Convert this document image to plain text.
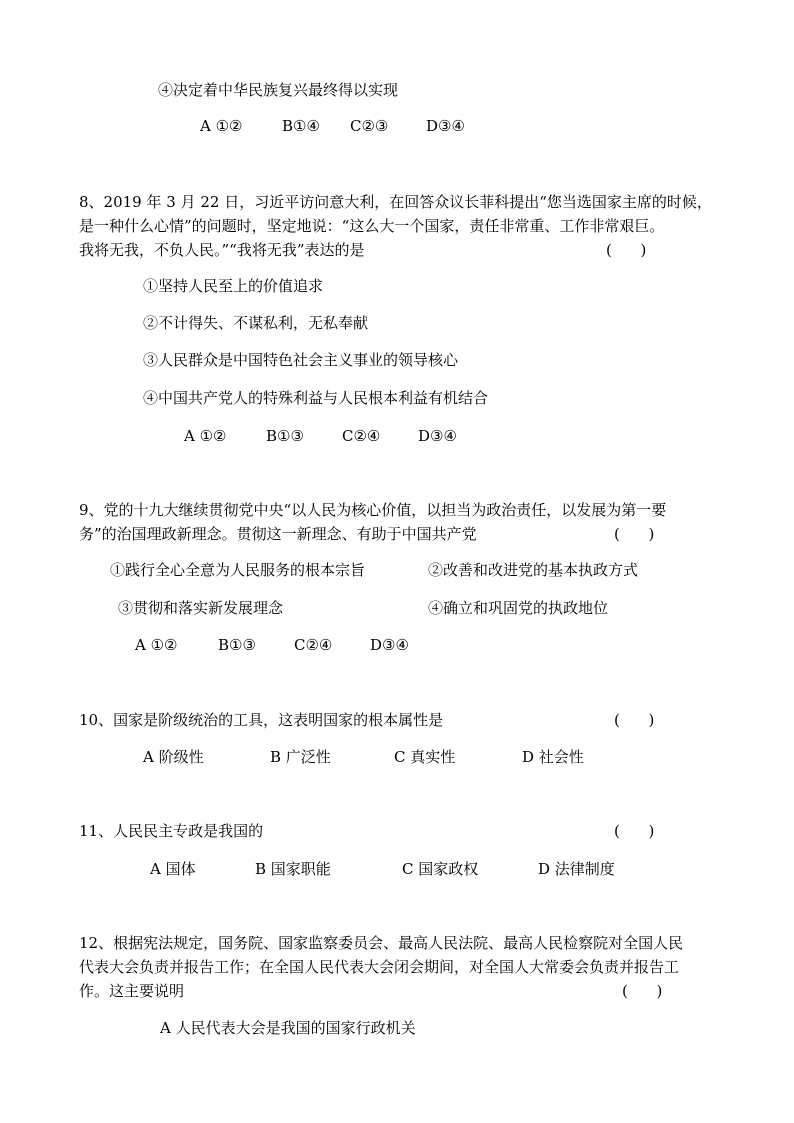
④决定着中华民族复兴最终得以实现
A ①②	B①④ C②③	D③④
8、2019 年 3 月 22 日，习近平访问意大利，在回答众议长菲科提出“您当选国家主席的时候，
是一种什么心情”的问题时，坚定地说：“这么大一个国家，责任非常重、工作非常艰巨。
我将无我，不负人民。”“我将无我”表达的是	(      )
①坚持人民至上的价值追求
②不计得失、不谋私利，无私奉献
③人民群众是中国特色社会主义事业的领导核心
④中国共产党人的特殊利益与人民根本利益有机结合
A ①②	B①③	C②④	D③④
9、党的十九大继续贯彻党中央“以人民为核心价值，以担当为政治责任，以发展为第一要
务”的治国理政新理念。贯彻这一新理念、有助于中国共产党	(      )
①践行全心全意为人民服务的根本宗旨	②改善和改进党的基本执政方式
③贯彻和落实新发展理念	④确立和巩固党的执政地位
A ①②	B①③	C②④	D③④
10、国家是阶级统治的工具，这表明国家的根本属性是	(      )
A 阶级性	B 广泛性	C 真实性	D 社会性
11、人民民主专政是我国的	(      )
A 国体	B 国家职能	C 国家政权	D 法律制度
12、根据宪法规定，国务院、国家监察委员会、最高人民法院、最高人民检察院对全国人民
代表大会负责并报告工作；在全国人民代表大会闭会期间，对全国人大常委会负责并报告工
作。这主要说明	(      )
A 人民代表大会是我国的国家行政机关
